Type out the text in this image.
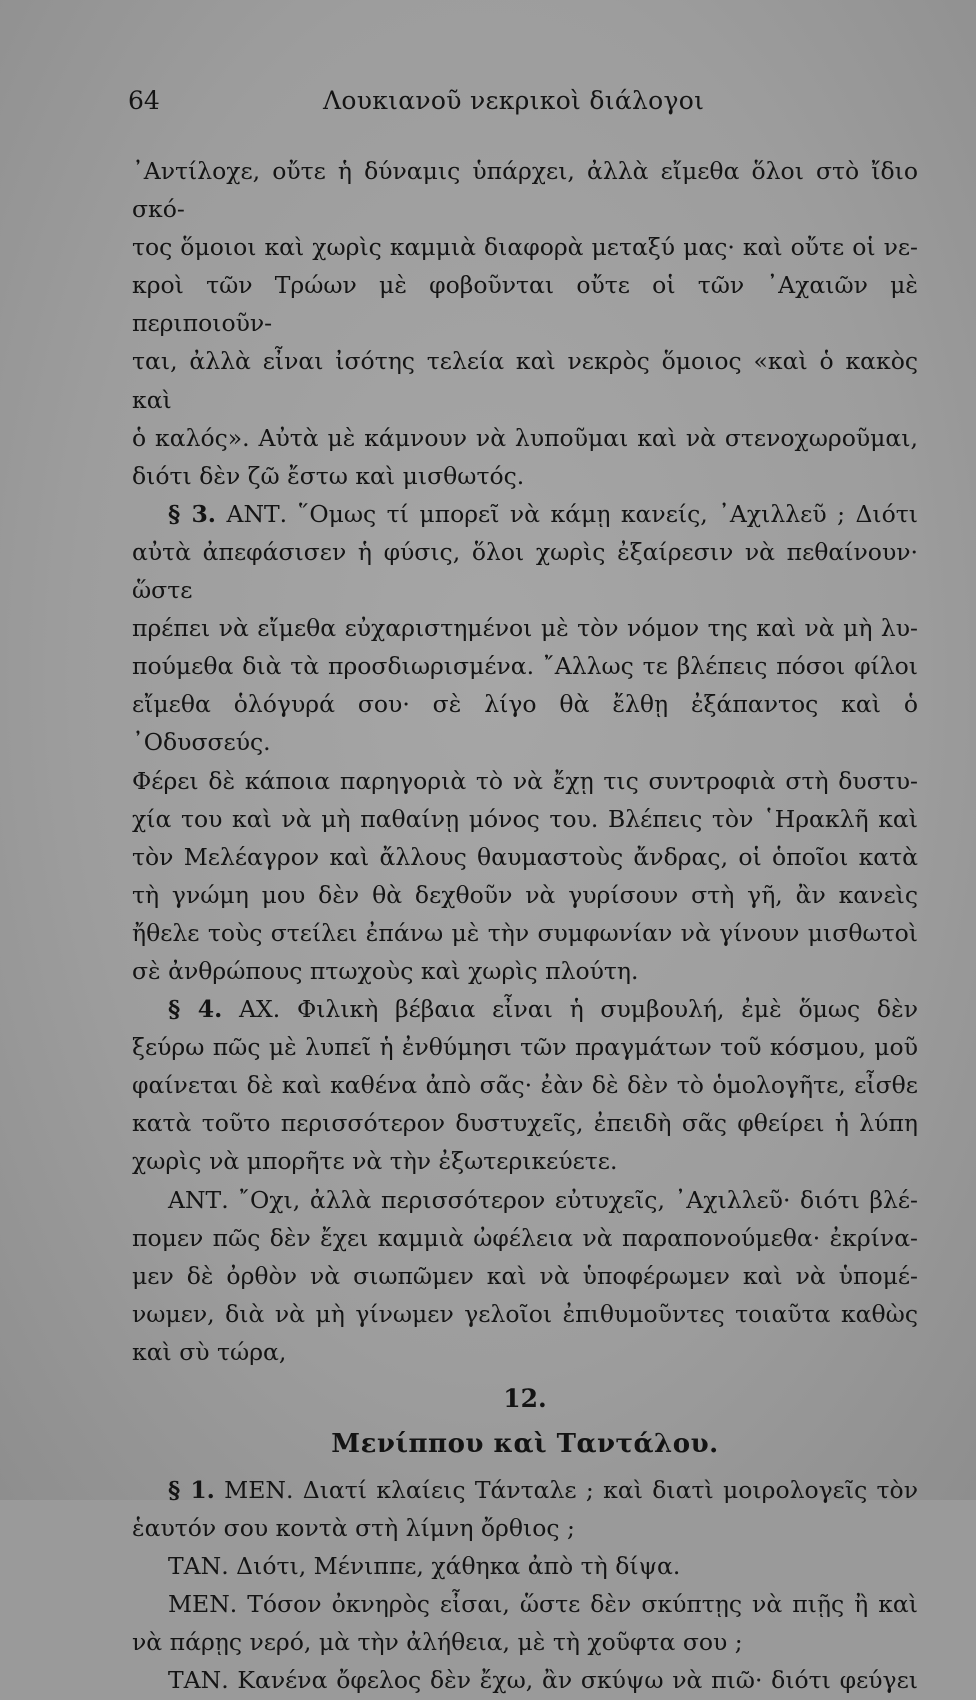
64	Λουκιανοῦ νεκρικοὶ διάλογοι
᾿Αντίλοχε, οὔτε ἡ δύναμις ὑπάρχει, ἀλλὰ εἴμεθα ὅλοι στὸ ἴδιο σκό-
τος ὅμοιοι καὶ χωρὶς καμμιὰ διαφορὰ μεταξύ μας· καὶ οὔτε οἱ νε-
κροὶ τῶν Τρώων μὲ φοβοῦνται οὔτε οἱ τῶν ᾿Αχαιῶν μὲ περιποιοῦν-
ται, ἀλλὰ εἶναι ἰσότης τελεία καὶ νεκρὸς ὅμοιος «καὶ ὁ κακὸς καὶ
ὁ καλός». Αὐτὰ μὲ κάμνουν νὰ λυποῦμαι καὶ νὰ στενοχωροῦμαι,
διότι δὲν ζῶ ἔστω καὶ μισθωτός.
§ 3. ΑΝΤ. ῞Ομως τί μπορεῖ νὰ κάμῃ κανείς, ᾿Αχιλλεῦ ; Διότι
αὐτὰ ἀπεφάσισεν ἡ φύσις, ὅλοι χωρὶς ἐξαίρεσιν νὰ πεθαίνουν· ὥστε
πρέπει νὰ εἴμεθα εὐχαριστημένοι μὲ τὸν νόμον της καὶ νὰ μὴ λυ-
πούμεθα διὰ τὰ προσδιωρισμένα. ῎Αλλως τε βλέπεις πόσοι φίλοι
εἴμεθα ὁλόγυρά σου· σὲ λίγο θὰ ἔλθῃ ἐξάπαντος καὶ ὁ ᾿Οδυσσεύς.
Φέρει δὲ κάποια παρηγοριὰ τὸ νὰ ἔχῃ τις συντροφιὰ στὴ δυστυ-
χία του καὶ νὰ μὴ παθαίνῃ μόνος του. Βλέπεις τὸν ῾Ηρακλῆ καὶ
τὸν Μελέαγρον καὶ ἄλλους θαυμαστοὺς ἄνδρας, οἱ ὁποῖοι κατὰ
τὴ γνώμη μου δὲν θὰ δεχθοῦν νὰ γυρίσουν στὴ γῆ, ἂν κανεὶς
ἤθελε τοὺς στείλει ἐπάνω μὲ τὴν συμφωνίαν νὰ γίνουν μισθωτοὶ
σὲ ἀνθρώπους πτωχοὺς καὶ χωρὶς πλούτη.
§ 4. ΑΧ. Φιλικὴ βέβαια εἶναι ἡ συμβουλή, ἐμὲ ὅμως δὲν
ξεύρω πῶς μὲ λυπεῖ ἡ ἐνθύμησι τῶν πραγμάτων τοῦ κόσμου, μοῦ
φαίνεται δὲ καὶ καθένα ἀπὸ σᾶς· ἐὰν δὲ δὲν τὸ ὁμολογῆτε, εἶσθε
κατὰ τοῦτο περισσότερον δυστυχεῖς, ἐπειδὴ σᾶς φθείρει ἡ λύπη
χωρὶς νὰ μπορῆτε νὰ τὴν ἐξωτερικεύετε.
ΑΝΤ. ῎Οχι, ἀλλὰ περισσότερον εὐτυχεῖς, ᾿Αχιλλεῦ· διότι βλέ-
πομεν πῶς δὲν ἔχει καμμιὰ ὠφέλεια νὰ παραπονούμεθα· ἐκρίνα-
μεν δὲ ὀρθὸν νὰ σιωπῶμεν καὶ νὰ ὑποφέρωμεν καὶ νὰ ὑπομέ-
νωμεν, διὰ νὰ μὴ γίνωμεν γελοῖοι ἐπιθυμοῦντες τοιαῦτα καθὼς
καὶ σὺ τώρα,
12.
Μενίππου καὶ Ταντάλου.
§ 1. ΜΕΝ. Διατί κλαίεις Τάνταλε ; καὶ διατὶ μοιρολογεῖς τὸν
ἑαυτόν σου κοντὰ στὴ λίμνη ὄρθιος ;
ΤΑΝ. Διότι, Μένιππε, χάθηκα ἀπὸ τὴ δίψα.
ΜΕΝ. Τόσον ὀκνηρὸς εἶσαι, ὥστε δὲν σκύπτῃς νὰ πιῇς ἢ καὶ
νὰ πάρῃς νερό, μὰ τὴν ἀλήθεια, μὲ τὴ χοῦφτα σου ;
ΤΑΝ. Κανένα ὄφελος δὲν ἔχω, ἂν σκύψω νὰ πιῶ· διότι φεύγει
